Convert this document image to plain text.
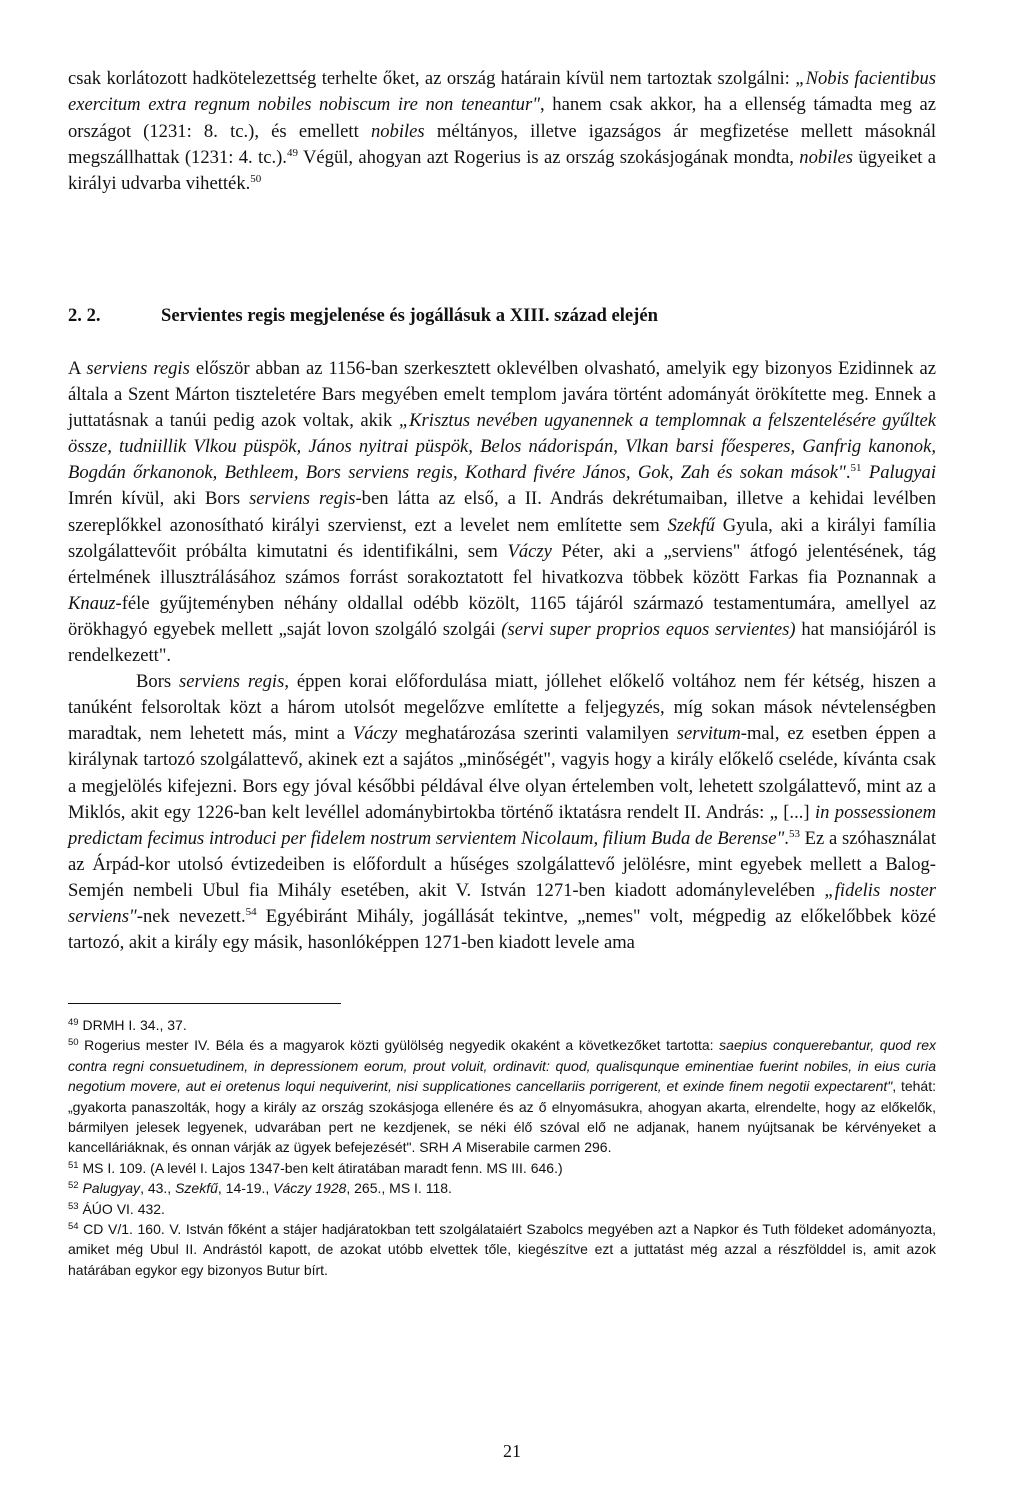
csak korlátozott hadkötelezettség terhelte őket, az ország határain kívül nem tartoztak szolgálni: „Nobis facientibus exercitum extra regnum nobiles nobiscum ire non teneantur", hanem csak akkor, ha a ellenség támadta meg az országot (1231: 8. tc.), és emellett nobiles méltányos, illetve igazságos ár megfizetése mellett másoknál megszállhattak (1231: 4. tc.).$^{49}$ Végül, ahogyan azt Rogerius is az ország szokásjogának mondta, nobiles ügyeiket a királyi udvarba vihették.$^{50}$

2. 2.	Servientes regis megjelenése és jogállásuk a XIII. század elején

A serviens regis először abban az 1156-ban szerkesztett oklevélben olvasható, amelyik egy bizonyos Ezidinnek az általa a Szent Márton tiszteletére Bars megyében emelt templom javára történt adományát örökítette meg. Ennek a juttatásnak a tanúi pedig azok voltak, akik „Krisztus nevében ugyanennek a templomnak a felszentelésére gyűltek össze, tudniillik Vlkou püspök, János nyitrai püspök, Belos nádorispán, Vlkan barsi főesperes, Ganfrig kanonok, Bogdán őrkanonok, Bethleem, Bors serviens regis, Kothard fivére János, Gok, Zah és sokan mások".$^{51}$ Palugyai Imrén kívül, aki Bors serviens regis-ben látta az első, a II. András dekrétumaiban, illetve a kehidai levélben szereplőkkel azonosítható királyi szervienst, ezt a levelet nem említette sem Szekfű Gyula, aki a királyi família szolgálattevőit próbálta kimutatni és identifikálni, sem Váczy Péter, aki a „serviens" átfogó jelentésének, tág értelmének illusztrálásához számos forrást sorakoztatott fel hivatkozva többek között Farkas fia Poznannak a Knauz-féle gyűjteményben néhány oldallal odébb közölt, 1165 tájáról származó testamentumára, amellyel az örökhagyó egyebek mellett „saját lovon szolgáló szolgái (servi super proprios equos servientes) hat mansiójáról is rendelkezett".

Bors serviens regis, éppen korai előfordulása miatt, jóllehet előkelő voltához nem fér kétség, hiszen a tanúként felsoroltak közt a három utolsót megelőzve említette a feljegyzés, míg sokan mások névtelenségben maradtak, nem lehetett más, mint a Váczy meghatározása szerinti valamilyen servitum-mal, ez esetben éppen a királynak tartozó szolgálattevő, akinek ezt a sajátos „minőségét", vagyis hogy a király előkelő cseléde, kívánta csak a megjelölés kifejezni. Bors egy jóval későbbi példával élve olyan értelemben volt, lehetett szolgálattevő, mint az a Miklós, akit egy 1226-ban kelt levéllel adománybirtokba történő iktatásra rendelt II. András: „ [...] in possessionem predictam fecimus introduci per fidelem nostrum servientem Nicolaum, filium Buda de Berense".$^{53}$ Ez a szóhasználat az Árpád-kor utolsó évtizedeiben is előfordult a hűséges szolgálattevő jelölésre, mint egyebek mellett a Balog-Semjén nembeli Ubul fia Mihály esetében, akit V. István 1271-ben kiadott adománylevelében „fidelis noster serviens"-nek nevezett.$^{54}$ Egyébiránt Mihály, jogállását tekintve, „nemes" volt, mégpedig az előkelőbbek közé tartozó, akit a király egy másik, hasonlóképpen 1271-ben kiadott levele ama

$^{49}$ DRMH I. 34., 37.

$^{50}$ Rogerius mester IV. Béla és a magyarok közti gyülölség negyedik okaként a következőket tartotta: saepius conquerebantur, quod rex contra regni consuetudinem, in depressionem eorum, prout voluit, ordinavit: quod, qualisqunque eminentiae fuerint nobiles, in eius curia negotium movere, aut ei oretenus loqui nequiverint, nisi supplicationes cancellariis porrigerent, et exinde finem negotii expectarent", tehát: „gyakorta panaszolták, hogy a király az ország szokásjoga ellenére és az ő elnyomásukra, ahogyan akarta, elrendelte, hogy az előkelők, bármilyen jelesek legyenek, udvarában pert ne kezdjenek, se néki élő szóval elő ne adjanak, hanem nyújtsanak be kérvényeket a kancelláriáknak, és onnan várják az ügyek befejezését". SRH A Miserabile carmen 296.

$^{51}$ MS I. 109. (A levél I. Lajos 1347-ben kelt átiratában maradt fenn. MS III. 646.)

$^{52}$ Palugyay, 43., Szekfű, 14-19., Váczy 1928, 265., MS I. 118.

$^{53}$ ÁÚO VI. 432.

$^{54}$ CD V/1. 160. V. István főként a stájer hadjáratokban tett szolgálataiért Szabolcs megyében azt a Napkor és Tuth földeket adományozta, amiket még Ubul II. Andrástól kapott, de azokat utóbb elvettek tőle, kiegészítve ezt a juttatást még azzal a részfölddel is, amit azok határában egykor egy bizonyos Butur bírt.

21
